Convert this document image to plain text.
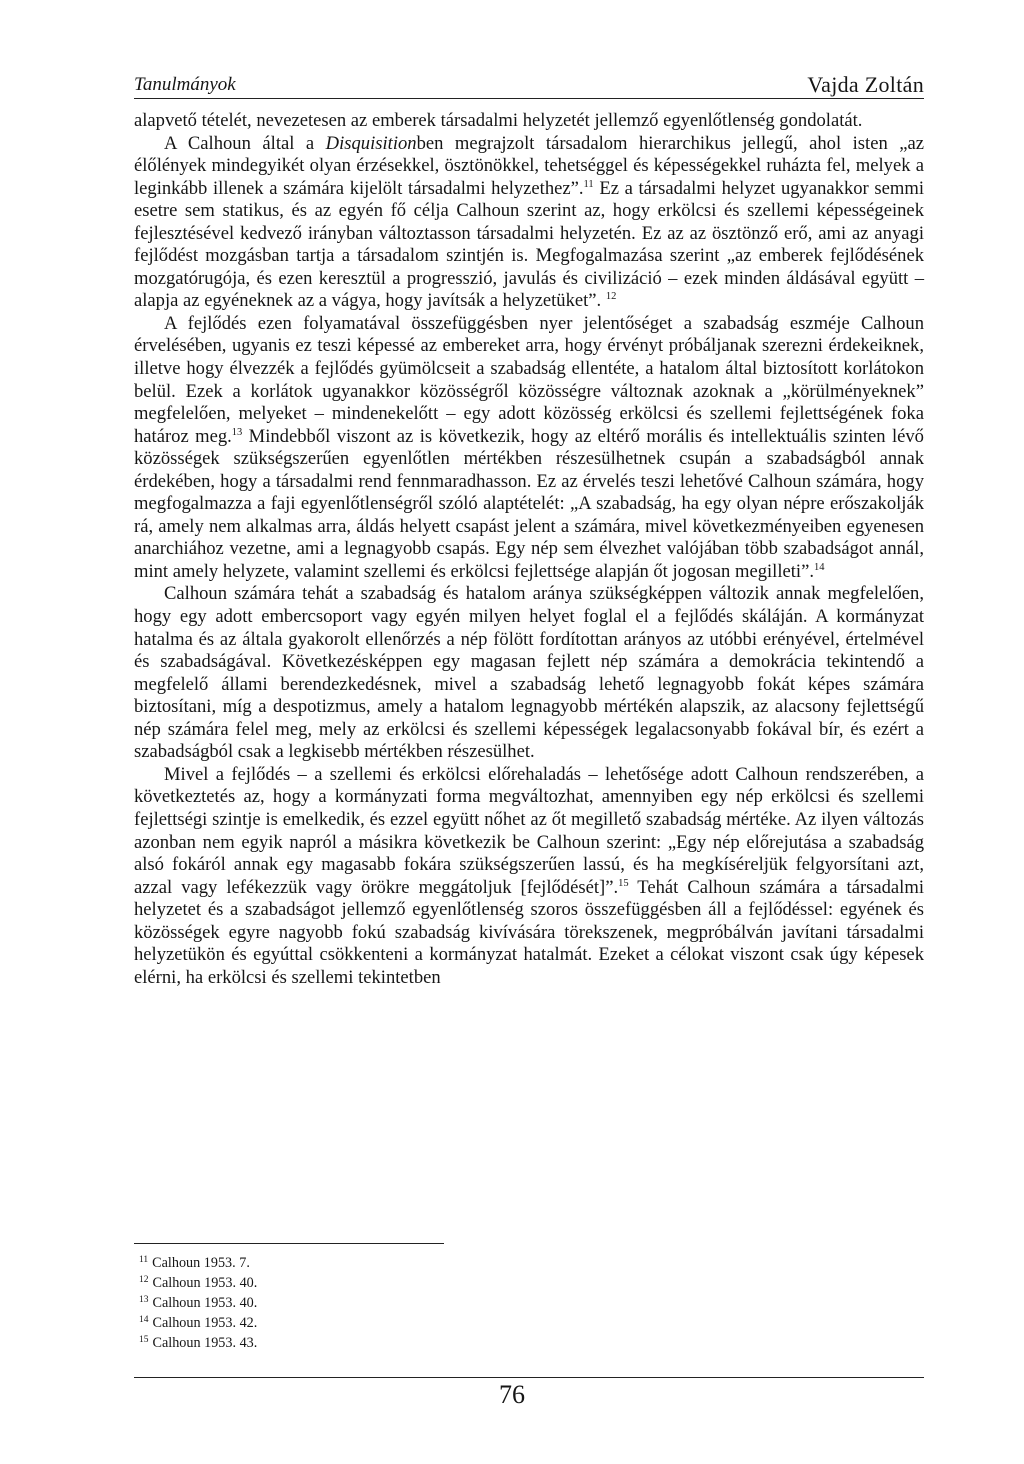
Tanulmányok	Vajda Zoltán

alapvető tételét, nevezetesen az emberek társadalmi helyzetét jellemző egyenlőtlenség gondolatát.

A Calhoun által a Disquisitionben megrajzolt társadalom hierarchikus jellegű, ahol isten „az élőlények mindegyikét olyan érzésekkel, ösztönökkel, tehetséggel és képességekkel ruházta fel, melyek a leginkább illenek a számára kijelölt társadalmi helyzethez”.$^{11}$ Ez a társadalmi helyzet ugyanakkor semmi esetre sem statikus, és az egyén fő célja Calhoun szerint az, hogy erkölcsi és szellemi képességeinek fejlesztésével kedvező irányban változtasson társadalmi helyzetén. Ez az az ösztönző erő, ami az anyagi fejlődést mozgásban tartja a társadalom szintjén is. Megfogalmazása szerint „az emberek fejlődésének mozgatórugója, és ezen keresztül a progresszió, javulás és civilizáció – ezek minden áldásával együtt – alapja az egyéneknek az a vágya, hogy javítsák a helyzetüket”. $^{12}$

A fejlődés ezen folyamatával összefüggésben nyer jelentőséget a szabadság eszméje Calhoun érvelésében, ugyanis ez teszi képessé az embereket arra, hogy érvényt próbáljanak szerezni érdekeiknek, illetve hogy élvezzék a fejlődés gyümölcseit a szabadság ellentéte, a hatalom által biztosított korlátokon belül. Ezek a korlátok ugyanakkor közösségről közösségre változnak azoknak a „körülményeknek” megfelelően, melyeket – mindenekelőtt – egy adott közösség erkölcsi és szellemi fejlettségének foka határoz meg.$^{13}$ Mindebből viszont az is következik, hogy az eltérő morális és intellektuális szinten lévő közösségek szükségszerűen egyenlőtlen mértékben részesülhetnek csupán a szabadságból annak érdekében, hogy a társadalmi rend fennmaradhasson. Ez az érvelés teszi lehetővé Calhoun számára, hogy megfogalmazza a faji egyenlőtlenségről szóló alaptételét: „A szabadság, ha egy olyan népre erőszakolják rá, amely nem alkalmas arra, áldás helyett csapást jelent a számára, mivel következményeiben egyenesen anarchiához vezetne, ami a legnagyobb csapás. Egy nép sem élvezhet valójában több szabadságot annál, mint amely helyzete, valamint szellemi és erkölcsi fejlettsége alapján őt jogosan megilleti”.$^{14}$

Calhoun számára tehát a szabadság és hatalom aránya szükségképpen változik annak megfelelően, hogy egy adott embercsoport vagy egyén milyen helyet foglal el a fejlődés skáláján. A kormányzat hatalma és az általa gyakorolt ellenőrzés a nép fölött fordítottan arányos az utóbbi erényével, értelmével és szabadságával. Következésképpen egy magasan fejlett nép számára a demokrácia tekintendő a megfelelő állami berendezkedésnek, mivel a szabadság lehető legnagyobb fokát képes számára biztosítani, míg a despotizmus, amely a hatalom legnagyobb mértékén alapszik, az alacsony fejlettségű nép számára felel meg, mely az erkölcsi és szellemi képességek legalacsonyabb fokával bír, és ezért a szabadságból csak a legkisebb mértékben részesülhet.

Mivel a fejlődés – a szellemi és erkölcsi előrehaladás – lehetősége adott Calhoun rendszerében, a következtetés az, hogy a kormányzati forma megváltozhat, amennyiben egy nép erkölcsi és szellemi fejlettségi szintje is emelkedik, és ezzel együtt nőhet az őt megillető szabadság mértéke. Az ilyen változás azonban nem egyik napról a másikra következik be Calhoun szerint: „Egy nép előrejutása a szabadság alsó fokáról annak egy magasabb fokára szükségszerűen lassú, és ha megkíséreljük felgyorsítani azt, azzal vagy lefékezzük vagy örökre meggátoljuk [fejlődését]”.$^{15}$ Tehát Calhoun számára a társadalmi helyzetet és a szabadságot jellemző egyenlőtlenség szoros összefüggésben áll a fejlődéssel: egyének és közösségek egyre nagyobb fokú szabadság kivívására törekszenek, megpróbálván javítani társadalmi helyzetükön és egyúttal csökkenteni a kormányzat hatalmát. Ezeket a célokat viszont csak úgy képesek elérni, ha erkölcsi és szellemi tekintetben

$^{11}$ Calhoun 1953. 7.
$^{12}$ Calhoun 1953. 40.
$^{13}$ Calhoun 1953. 40.
$^{14}$ Calhoun 1953. 42.
$^{15}$ Calhoun 1953. 43.
76
